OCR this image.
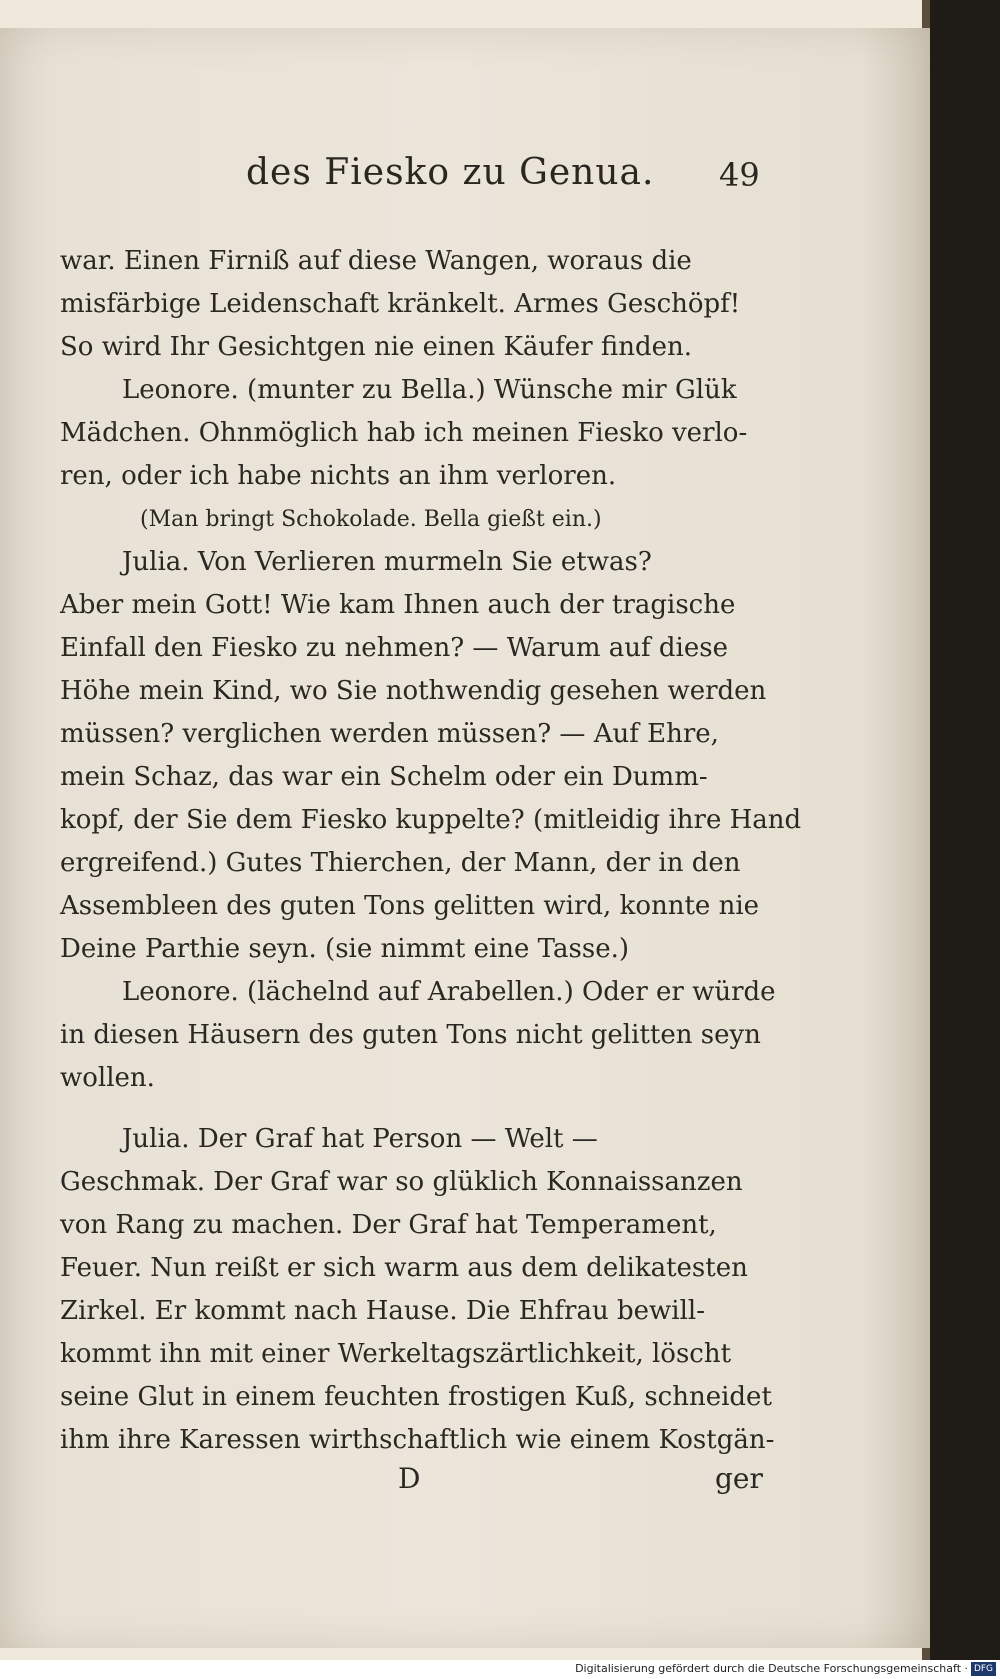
des Fiesko zu Genua. 49
war. Einen Firniß auf diese Wangen, woraus die
misfärbige Leidenschaft kränkelt. Armes Geschöpf!
So wird Ihr Gesichtgen nie einen Käufer finden.
Leonore. (munter zu Bella.) Wünsche mir Glük
Mädchen. Ohnmöglich hab ich meinen Fiesko verlo-
ren, oder ich habe nichts an ihm verloren.
(Man bringt Schokolade. Bella gießt ein.)
Julia. Von Verlieren murmeln Sie etwas?
Aber mein Gott! Wie kam Ihnen auch der tragische
Einfall den Fiesko zu nehmen? — Warum auf diese
Höhe mein Kind, wo Sie nothwendig gesehen werden
müssen? verglichen werden müssen? — Auf Ehre,
mein Schaz, das war ein Schelm oder ein Dumm-
kopf, der Sie dem Fiesko kuppelte? (mitleidig ihre Hand
ergreifend.) Gutes Thierchen, der Mann, der in den
Assembleen des guten Tons gelitten wird, konnte nie
Deine Parthie seyn. (sie nimmt eine Tasse.)
Leonore. (lächelnd auf Arabellen.) Oder er würde
in diesen Häusern des guten Tons nicht gelitten seyn
wollen.
Julia. Der Graf hat Person — Welt —
Geschmak. Der Graf war so glüklich Konnaissanzen
von Rang zu machen. Der Graf hat Temperament,
Feuer. Nun reißt er sich warm aus dem delikatesten
Zirkel. Er kommt nach Hause. Die Ehfrau bewill-
kommt ihn mit einer Werkeltagszärtlichkeit, löscht
seine Glut in einem feuchten frostigen Kuß, schneidet
ihm ihre Karessen wirthschaftlich wie einem Kostgän-
D	ger
Digitalisierung gefördert durch die Deutsche Forschungsgemeinschaft · DFG
